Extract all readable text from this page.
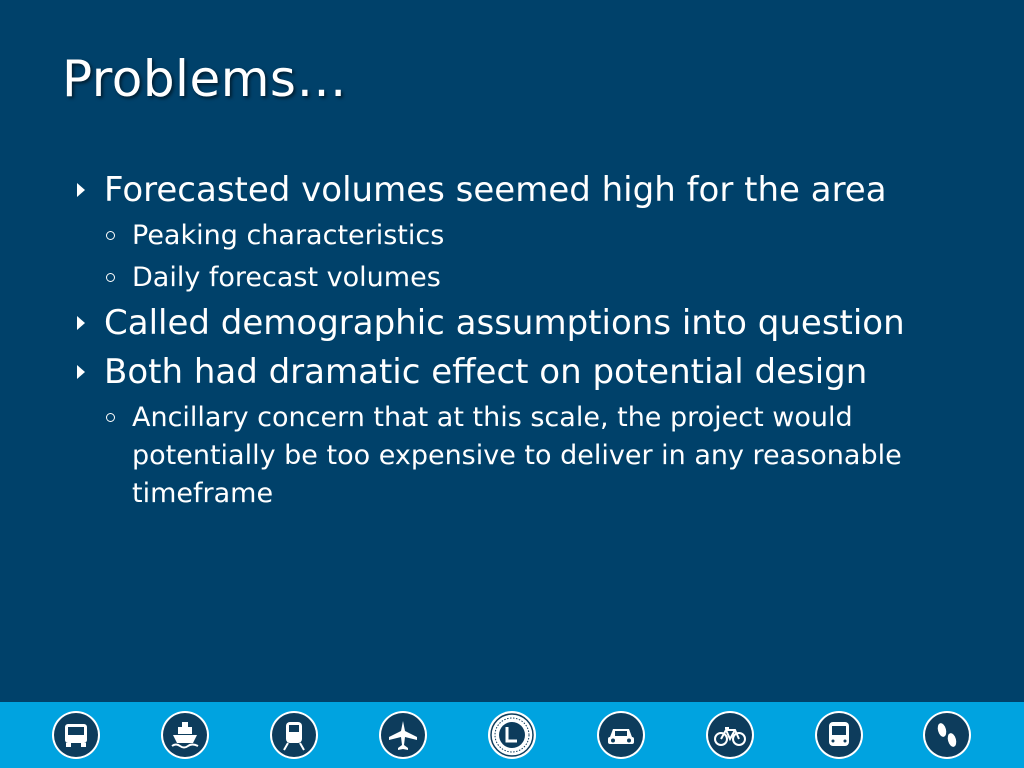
Problems…
Forecasted volumes seemed high for the area
Peaking characteristics
Daily forecast volumes
Called demographic assumptions into question
Both had dramatic effect on potential design
Ancillary concern that at this scale, the project would potentially be too expensive to deliver in any reasonable timeframe
